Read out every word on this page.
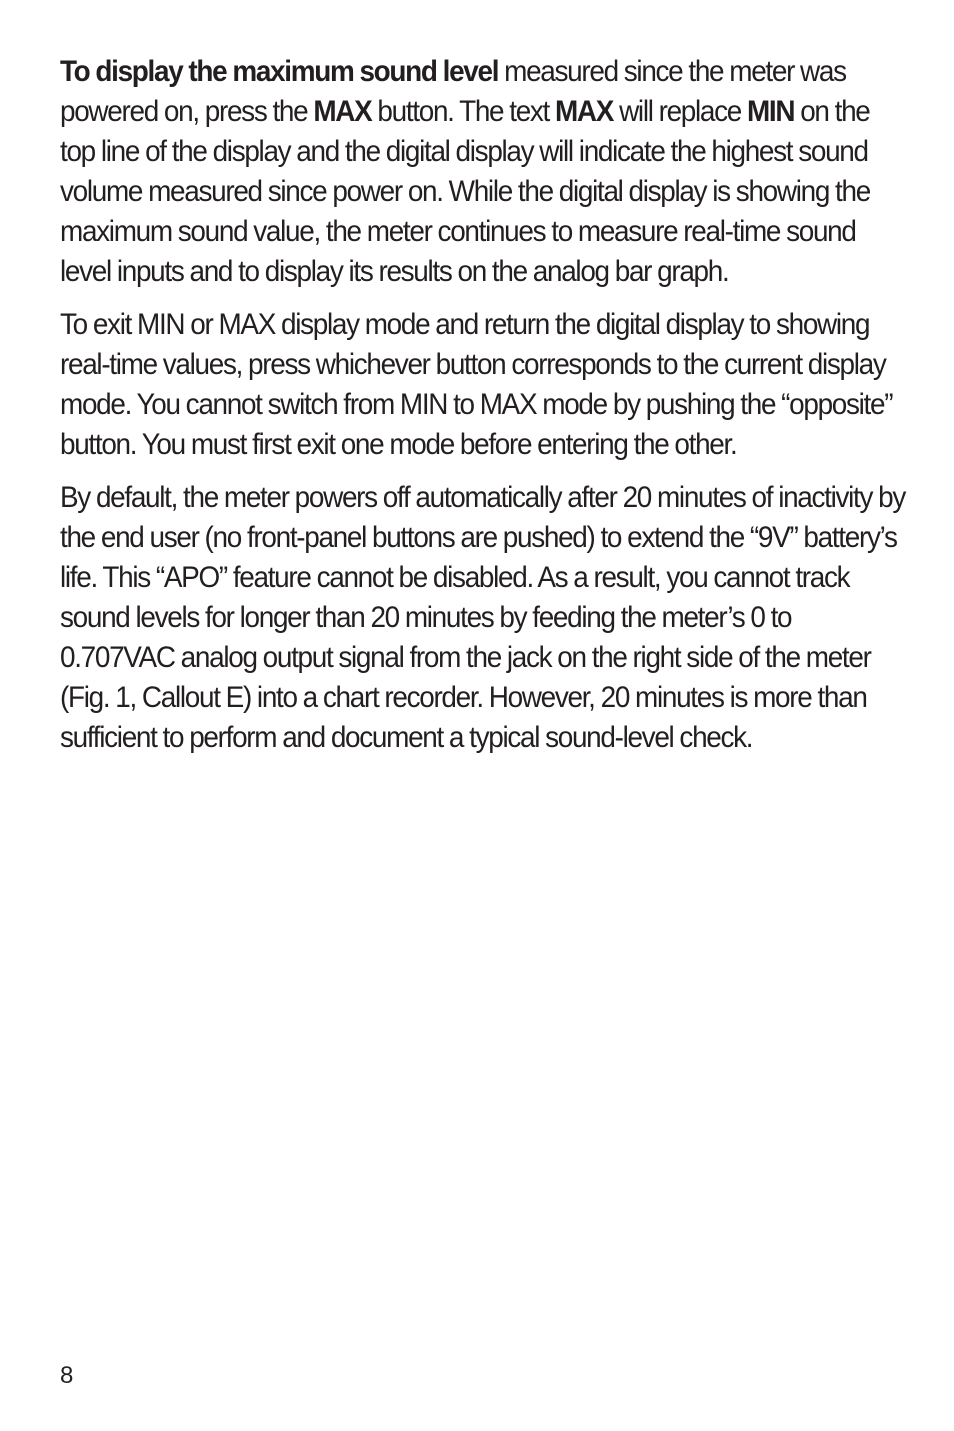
To display the maximum sound level measured since the meter was powered on, press the MAX button. The text MAX will replace MIN on the top line of the display and the digital display will indicate the highest sound volume measured since power on. While the digital display is showing the maximum sound value, the meter continues to measure real-time sound level inputs and to display its results on the analog bar graph.

To exit MIN or MAX display mode and return the digital display to showing real-time values, press whichever button corresponds to the current display mode. You cannot switch from MIN to MAX mode by pushing the “opposite” button. You must first exit one mode before entering the other.

By default, the meter powers off automatically after 20 minutes of inactivity by the end user (no front-panel buttons are pushed) to extend the “9V” battery’s life. This “APO” feature cannot be disabled. As a result, you cannot track sound levels for longer than 20 minutes by feeding the meter’s 0 to 0.707VAC analog output signal from the jack on the right side of the meter (Fig. 1, Callout E) into a chart recorder. However, 20 minutes is more than sufficient to perform and document a typical sound-level check.

8
